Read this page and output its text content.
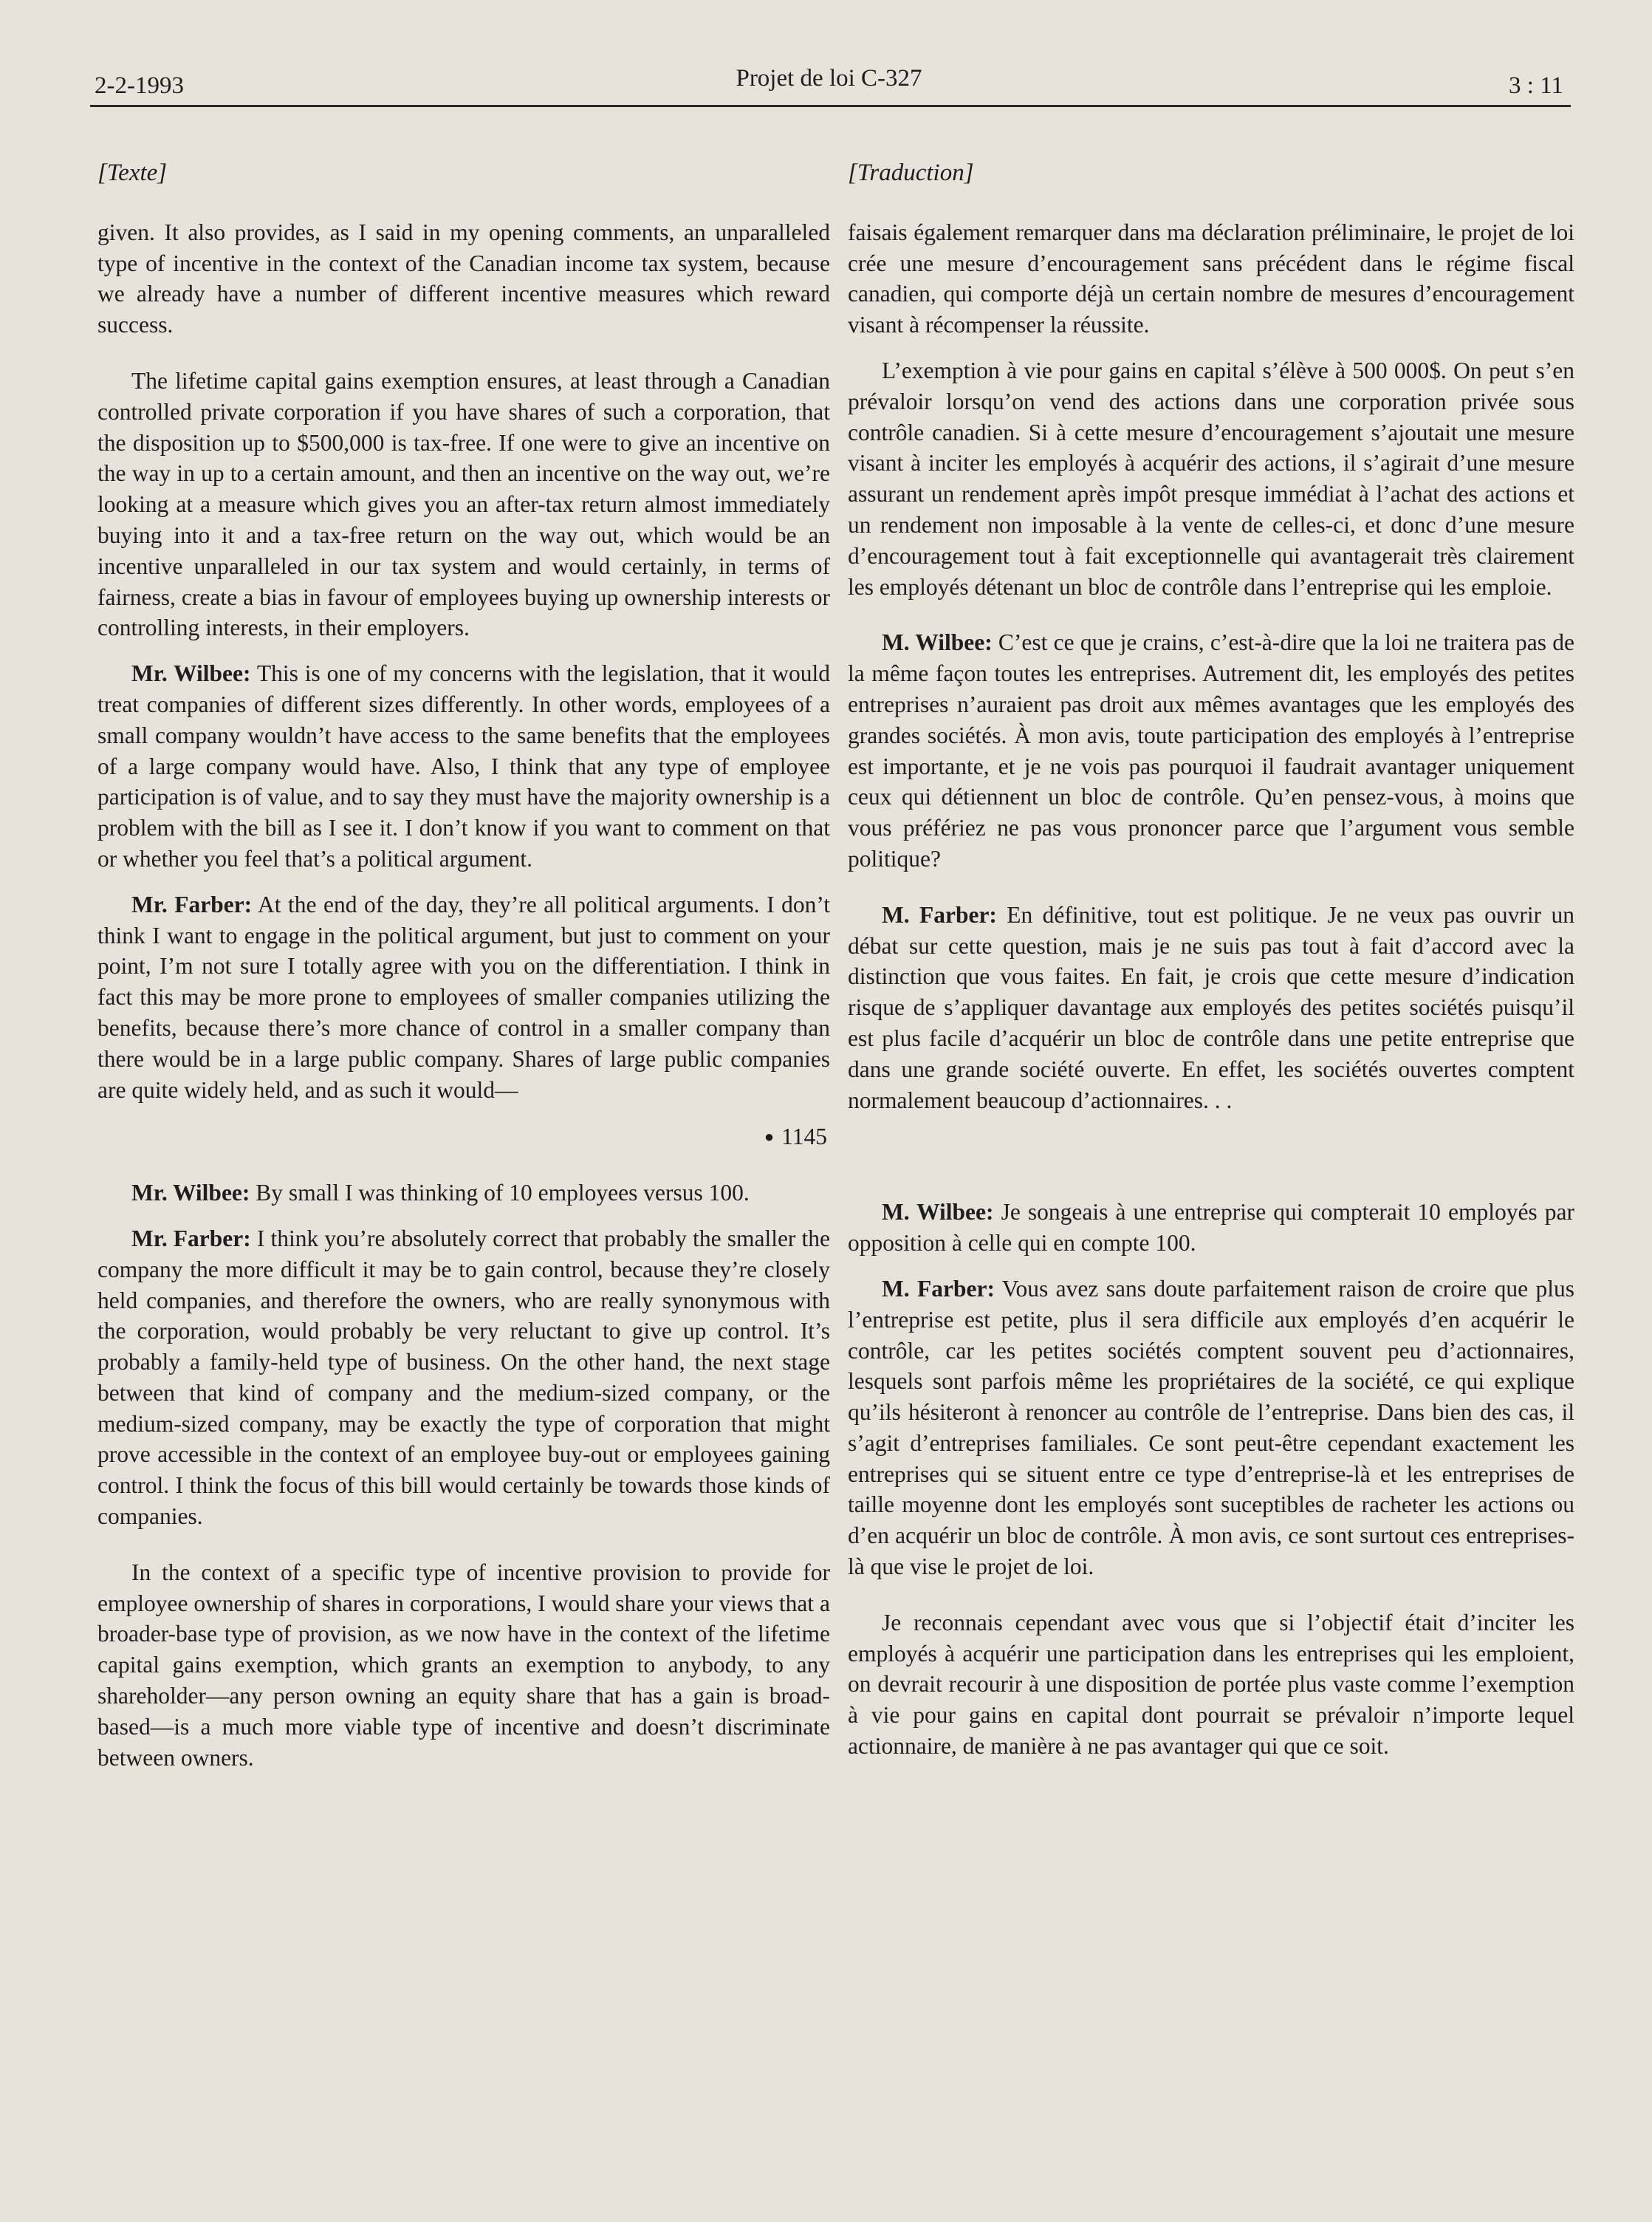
2-2-1993	Projet de loi C-327	3 : 11
[Texte]

given. It also provides, as I said in my opening comments, an unparalleled type of incentive in the context of the Canadian income tax system, because we already have a number of different incentive measures which reward success.

The lifetime capital gains exemption ensures, at least through a Canadian controlled private corporation if you have shares of such a corporation, that the disposition up to $500,000 is tax-free. If one were to give an incentive on the way in up to a certain amount, and then an incentive on the way out, we’re looking at a measure which gives you an after-tax return almost immediately buying into it and a tax-free return on the way out, which would be an incentive unparalleled in our tax system and would certainly, in terms of fairness, create a bias in favour of employees buying up ownership interests or controlling interests, in their employers.

Mr. Wilbee: This is one of my concerns with the legislation, that it would treat companies of different sizes differently. In other words, employees of a small company wouldn’t have access to the same benefits that the employees of a large company would have. Also, I think that any type of employee participation is of value, and to say they must have the majority ownership is a problem with the bill as I see it. I don’t know if you want to comment on that or whether you feel that’s a political argument.

Mr. Farber: At the end of the day, they’re all political arguments. I don’t think I want to engage in the political argument, but just to comment on your point, I’m not sure I totally agree with you on the differentiation. I think in fact this may be more prone to employees of smaller companies utilizing the benefits, because there’s more chance of control in a smaller company than there would be in a large public company. Shares of large public companies are quite widely held, and as such it would—

● 1145

Mr. Wilbee: By small I was thinking of 10 employees versus 100.

Mr. Farber: I think you’re absolutely correct that probably the smaller the company the more difficult it may be to gain control, because they’re closely held companies, and therefore the owners, who are really synonymous with the corporation, would probably be very reluctant to give up control. It’s probably a family-held type of business. On the other hand, the next stage between that kind of company and the medium-sized company, or the medium-sized company, may be exactly the type of corporation that might prove accessible in the context of an employee buy-out or employees gaining control. I think the focus of this bill would certainly be towards those kinds of companies.

In the context of a specific type of incentive provision to provide for employee ownership of shares in corporations, I would share your views that a broader-base type of provision, as we now have in the context of the lifetime capital gains exemption, which grants an exemption to anybody, to any shareholder—any person owning an equity share that has a gain is broad-based—is a much more viable type of incentive and doesn’t discriminate between owners.

[Traduction]

faisais également remarquer dans ma déclaration préliminaire, le projet de loi crée une mesure d’encouragement sans précédent dans le régime fiscal canadien, qui comporte déjà un certain nombre de mesures d’encouragement visant à récompenser la réussite.

L’exemption à vie pour gains en capital s’élève à 500 000$. On peut s’en prévaloir lorsqu’on vend des actions dans une corporation privée sous contrôle canadien. Si à cette mesure d’encouragement s’ajoutait une mesure visant à inciter les employés à acquérir des actions, il s’agirait d’une mesure assurant un rendement après impôt presque immédiat à l’achat des actions et un rendement non imposable à la vente de celles-ci, et donc d’une mesure d’encouragement tout à fait exceptionnelle qui avantagerait très clairement les employés détenant un bloc de contrôle dans l’entreprise qui les emploie.

M. Wilbee: C’est ce que je crains, c’est-à-dire que la loi ne traitera pas de la même façon toutes les entreprises. Autrement dit, les employés des petites entreprises n’auraient pas droit aux mêmes avantages que les employés des grandes sociétés. À mon avis, toute participation des employés à l’entreprise est importante, et je ne vois pas pourquoi il faudrait avantager uniquement ceux qui détiennent un bloc de contrôle. Qu’en pensez-vous, à moins que vous préfériez ne pas vous prononcer parce que l’argument vous semble politique?

M. Farber: En définitive, tout est politique. Je ne veux pas ouvrir un débat sur cette question, mais je ne suis pas tout à fait d’accord avec la distinction que vous faites. En fait, je crois que cette mesure d’indication risque de s’appliquer davantage aux employés des petites sociétés puisqu’il est plus facile d’acquérir un bloc de contrôle dans une petite entreprise que dans une grande société ouverte. En effet, les sociétés ouvertes comptent normalement beaucoup d’actionnaires. . .

M. Wilbee: Je songeais à une entreprise qui compterait 10 employés par opposition à celle qui en compte 100.

M. Farber: Vous avez sans doute parfaitement raison de croire que plus l’entreprise est petite, plus il sera difficile aux employés d’en acquérir le contrôle, car les petites sociétés comptent souvent peu d’actionnaires, lesquels sont parfois même les propriétaires de la société, ce qui explique qu’ils hésiteront à renoncer au contrôle de l’entreprise. Dans bien des cas, il s’agit d’entreprises familiales. Ce sont peut-être cependant exactement les entreprises qui se situent entre ce type d’entreprise-là et les entreprises de taille moyenne dont les employés sont suceptibles de racheter les actions ou d’en acquérir un bloc de contrôle. À mon avis, ce sont surtout ces entreprises-là que vise le projet de loi.

Je reconnais cependant avec vous que si l’objectif était d’inciter les employés à acquérir une participation dans les entreprises qui les emploient, on devrait recourir à une disposition de portée plus vaste comme l’exemption à vie pour gains en capital dont pourrait se prévaloir n’importe lequel actionnaire, de manière à ne pas avantager qui que ce soit.
